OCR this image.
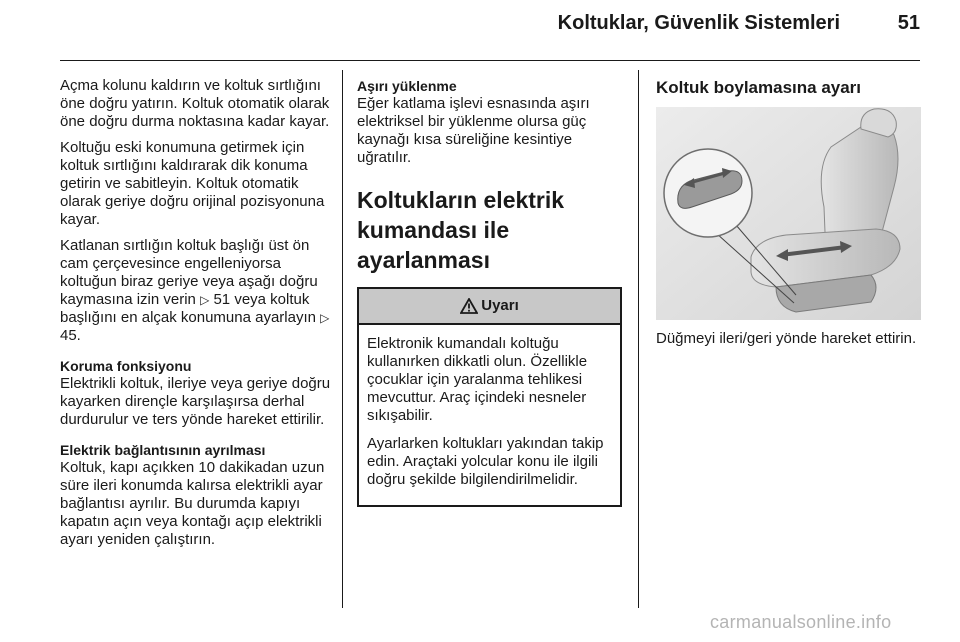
Koltuklar, Güvenlik Sistemleri	51

Açma kolunu kaldırın ve koltuk sırtlığını öne doğru yatırın. Koltuk otomatik olarak öne doğru durma noktasına kadar kayar.

Koltuğu eski konumuna getirmek için koltuk sırtlığını kaldırarak dik konuma getirin ve sabitleyin. Koltuk otomatik olarak geriye doğru orijinal pozisyonuna kayar.

Katlanan sırtlığın koltuk başlığı üst ön cam çerçevesince engelleniyorsa koltuğun biraz geriye veya aşağı doğru kaymasına izin verin ▷ 51 veya koltuk başlığını en alçak konumuna ayarlayın ▷ 45.

Koruma fonksiyonu

Elektrikli koltuk, ileriye veya geriye doğru kayarken dirençle karşılaşırsa derhal durdurulur ve ters yönde hareket ettirilir.

Elektrik bağlantısının ayrılması

Koltuk, kapı açıkken 10 dakikadan uzun süre ileri konumda kalırsa elektrikli ayar bağlantısı ayrılır. Bu durumda kapıyı kapatın açın veya kontağı açıp elektrikli ayarı yeniden çalıştırın.

Aşırı yüklenme

Eğer katlama işlevi esnasında aşırı elektriksel bir yüklenme olursa güç kaynağı kısa süreliğine kesintiye uğratılır.

Koltukların elektrik kumandası ile ayarlanması
Uyarı

Elektronik kumandalı koltuğu kullanırken dikkatli olun. Özellikle çocuklar için yaralanma tehlikesi mevcuttur. Araç içindeki nesneler sıkışabilir.

Ayarlarken koltukları yakından takip edin. Araçtaki yolcular konu ile ilgili doğru şekilde bilgilendirilmelidir.

Koltuk boylamasına ayarı

Düğmeyi ileri/geri yönde hareket ettirin.

carmanualsonline.info
